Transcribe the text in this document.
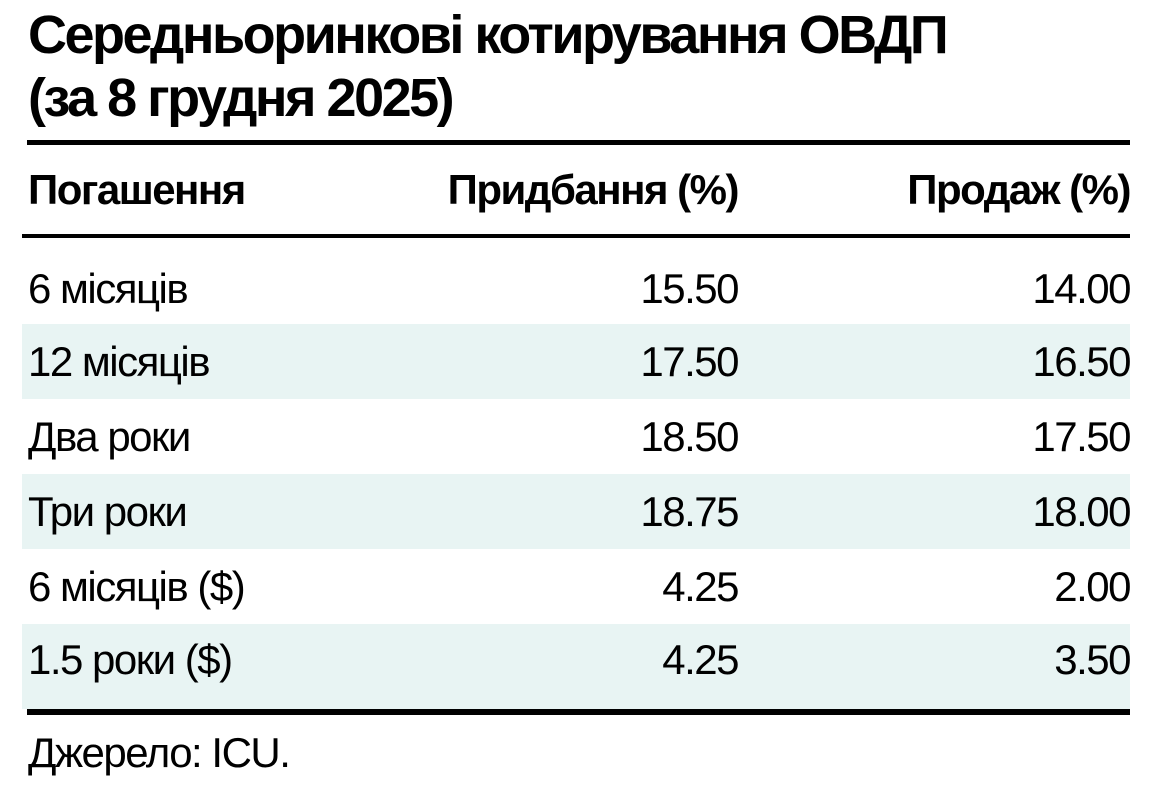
Середньоринкові котирування ОВДП
(за 8 грудня 2025)
Погашення	Придбання (%)	Продаж (%)
6 місяців	15.50	14.00
12 місяців	17.50	16.50
Два роки	18.50	17.50
Три роки	18.75	18.00
6 місяців ($)	4.25	2.00
1.5 роки ($)	4.25	3.50
Джерело: ICU.
